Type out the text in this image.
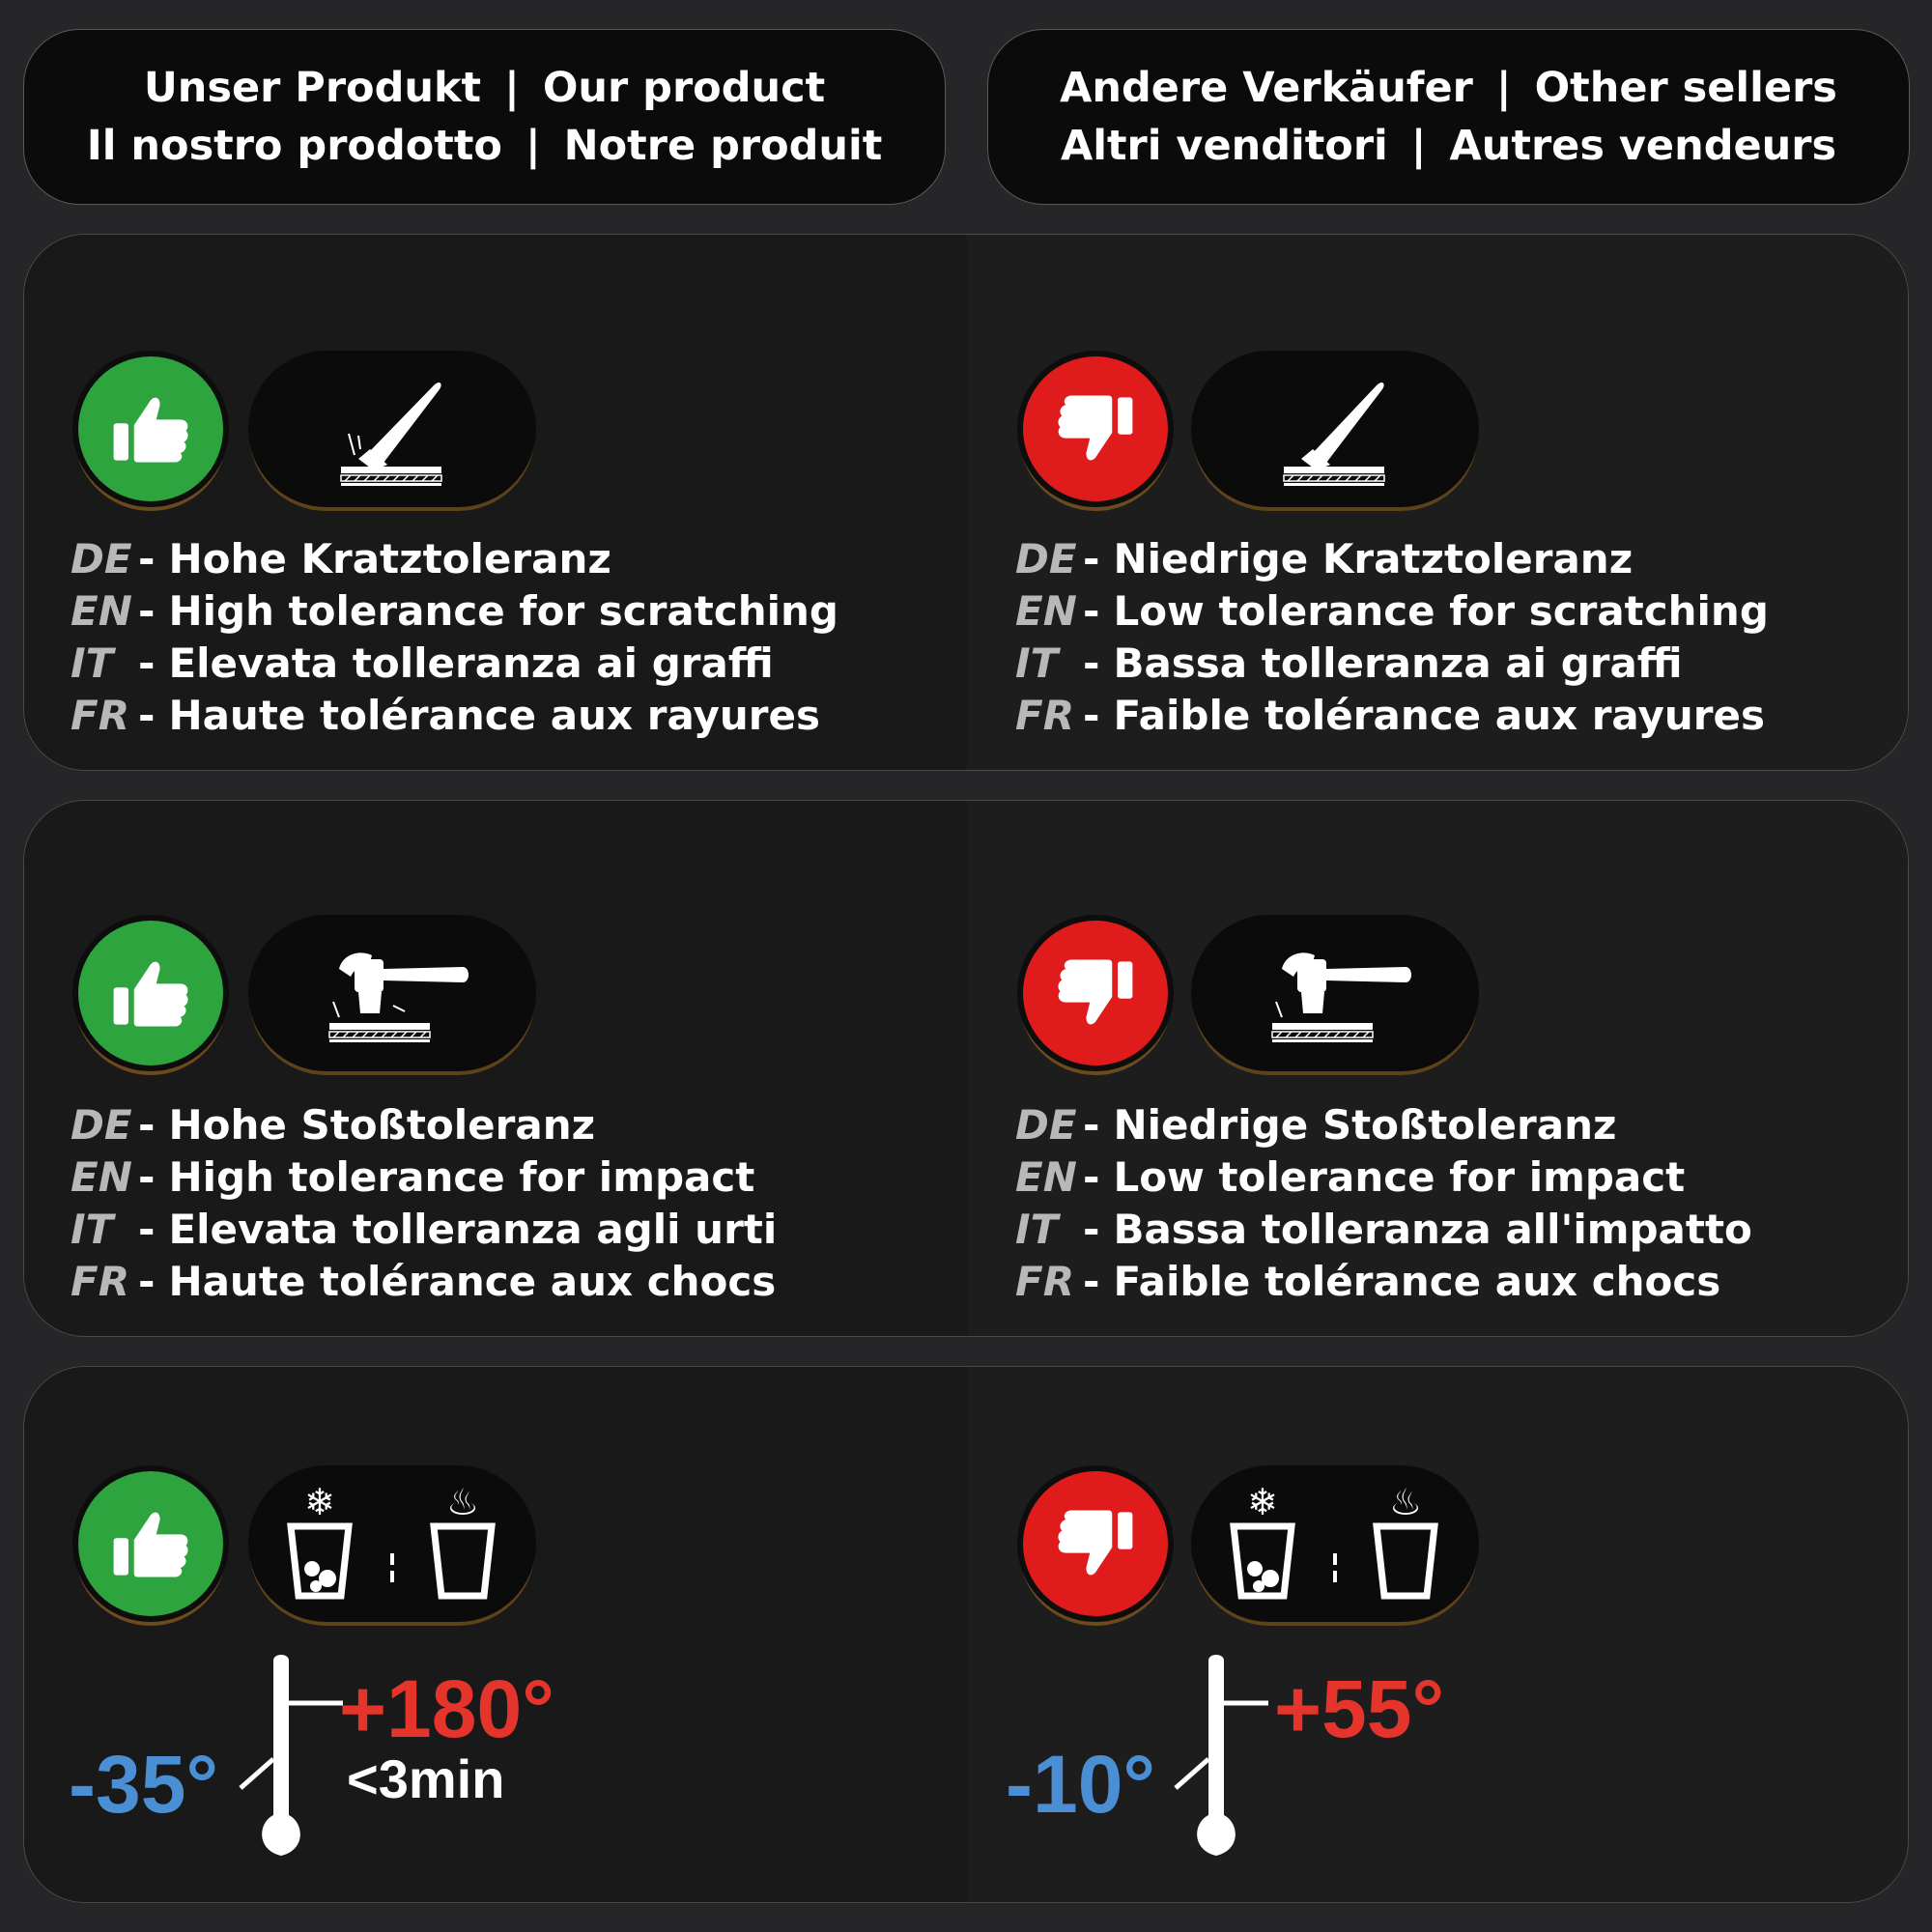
Unser Produkt | Our product
Il nostro prodotto | Notre produit
Andere Verkäufer | Other sellers
Altri venditori | Autres vendeurs
DE - Hohe Kratztoleranz
EN - High tolerance for scratching
IT - Elevata tolleranza ai graffi
FR - Haute tolérance aux rayures
DE - Niedrige Kratztoleranz
EN - Low tolerance for scratching
IT - Bassa tolleranza ai graffi
FR - Faible tolérance aux rayures
DE - Hohe Stoßtoleranz
EN - High tolerance for impact
IT - Elevata tolleranza agli urti
FR - Haute tolérance aux chocs
DE - Niedrige Stoßtoleranz
EN - Low tolerance for impact
IT - Bassa tolleranza all'impatto
FR - Faible tolérance aux chocs
❄	♨
-35°
+180°
<3min
❄	♨
-10°
+55°
